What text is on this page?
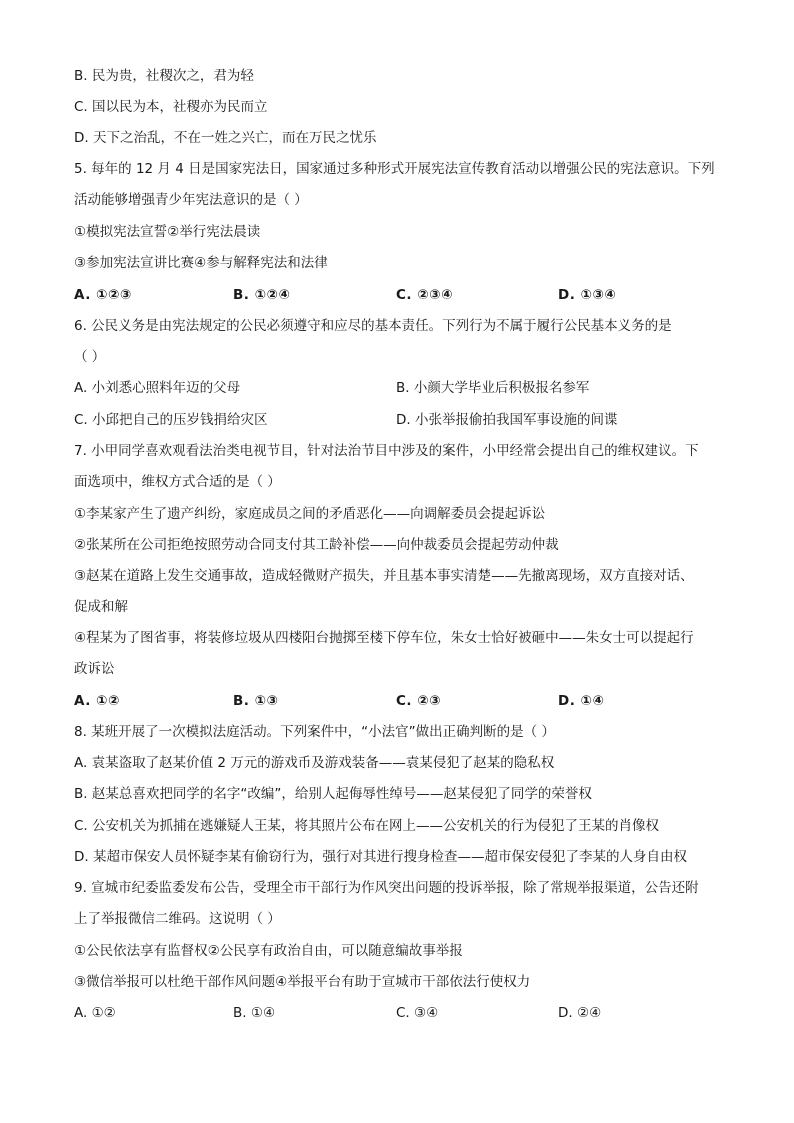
B. 民为贵，社稷次之，君为轻
C. 国以民为本，社稷亦为民而立
D. 天下之治乱，不在一姓之兴亡，而在万民之忧乐
5. 每年的 12 月 4 日是国家宪法日，国家通过多种形式开展宪法宣传教育活动以增强公民的宪法意识。下列
活动能够增强青少年宪法意识的是（ ）
①模拟宪法宣誓②举行宪法晨读
③参加宪法宣讲比赛④参与解释宪法和法律
A. ①②③	B. ①②④	C. ②③④	D. ①③④
6. 公民义务是由宪法规定的公民必须遵守和应尽的基本责任。下列行为不属于履行公民基本义务的是
（ ）
A. 小刘悉心照料年迈的父母	B. 小颜大学毕业后积极报名参军
C. 小邱把自己的压岁钱捐给灾区	D. 小张举报偷拍我国军事设施的间谍
7. 小甲同学喜欢观看法治类电视节目，针对法治节目中涉及的案件，小甲经常会提出自己的维权建议。下
面选项中，维权方式合适的是（ ）
①李某家产生了遗产纠纷，家庭成员之间的矛盾恶化——向调解委员会提起诉讼
②张某所在公司拒绝按照劳动合同支付其工龄补偿——向仲裁委员会提起劳动仲裁
③赵某在道路上发生交通事故，造成轻微财产损失，并且基本事实清楚——先撤离现场，双方直接对话、
促成和解
④程某为了图省事，将装修垃圾从四楼阳台抛掷至楼下停车位，朱女士恰好被砸中——朱女士可以提起行
政诉讼
A. ①②	B. ①③	C. ②③	D. ①④
8. 某班开展了一次模拟法庭活动。下列案件中，“小法官”做出正确判断的是（ ）
A. 袁某盗取了赵某价值 2 万元的游戏币及游戏装备——袁某侵犯了赵某的隐私权
B. 赵某总喜欢把同学的名字“改编”，给别人起侮辱性绰号——赵某侵犯了同学的荣誉权
C. 公安机关为抓捕在逃嫌疑人王某，将其照片公布在网上——公安机关的行为侵犯了王某的肖像权
D. 某超市保安人员怀疑李某有偷窃行为，强行对其进行搜身检查——超市保安侵犯了李某的人身自由权
9. 宣城市纪委监委发布公告，受理全市干部行为作风突出问题的投诉举报，除了常规举报渠道，公告还附
上了举报微信二维码。这说明（ ）
①公民依法享有监督权②公民享有政治自由，可以随意编故事举报
③微信举报可以杜绝干部作风问题④举报平台有助于宣城市干部依法行使权力
A. ①②	B. ①④	C. ③④	D. ②④
